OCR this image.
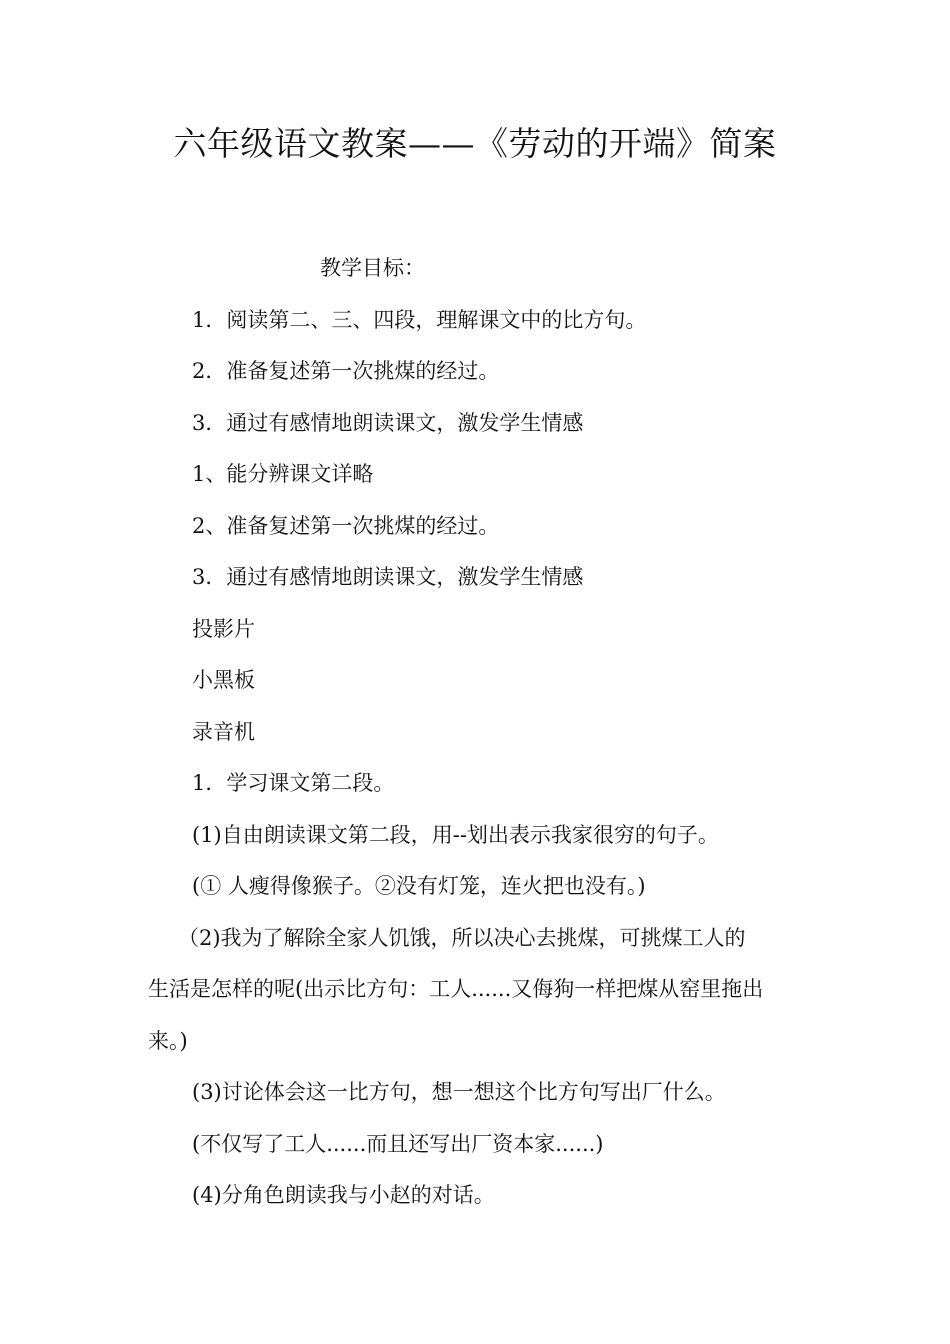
六年级语文教案——《劳动的开端》简案

教学目标：

1．阅读第二、三、四段，理解课文中的比方句。

2．准备复述第一次挑煤的经过。

3．通过有感情地朗读课文，激发学生情感

1、能分辨课文详略

2、准备复述第一次挑煤的经过。

3．通过有感情地朗读课文，激发学生情感

投影片

小黑板

录音机

1．学习课文第二段。

(1)自由朗读课文第二段，用--划出表示我家很穷的句子。

(① 人瘦得像猴子。②没有灯笼，连火把也没有。)

（2)我为了解除全家人饥饿，所以决心去挑煤，可挑煤工人的

生活是怎样的呢(出示比方句：工人......又侮狗一样把煤从窑里拖出

来。)

(3)讨论体会这一比方句，想一想这个比方句写出厂什么。

(不仅写了工人......而且还写出厂资本家......)

(4)分角色朗读我与小赵的对话。
